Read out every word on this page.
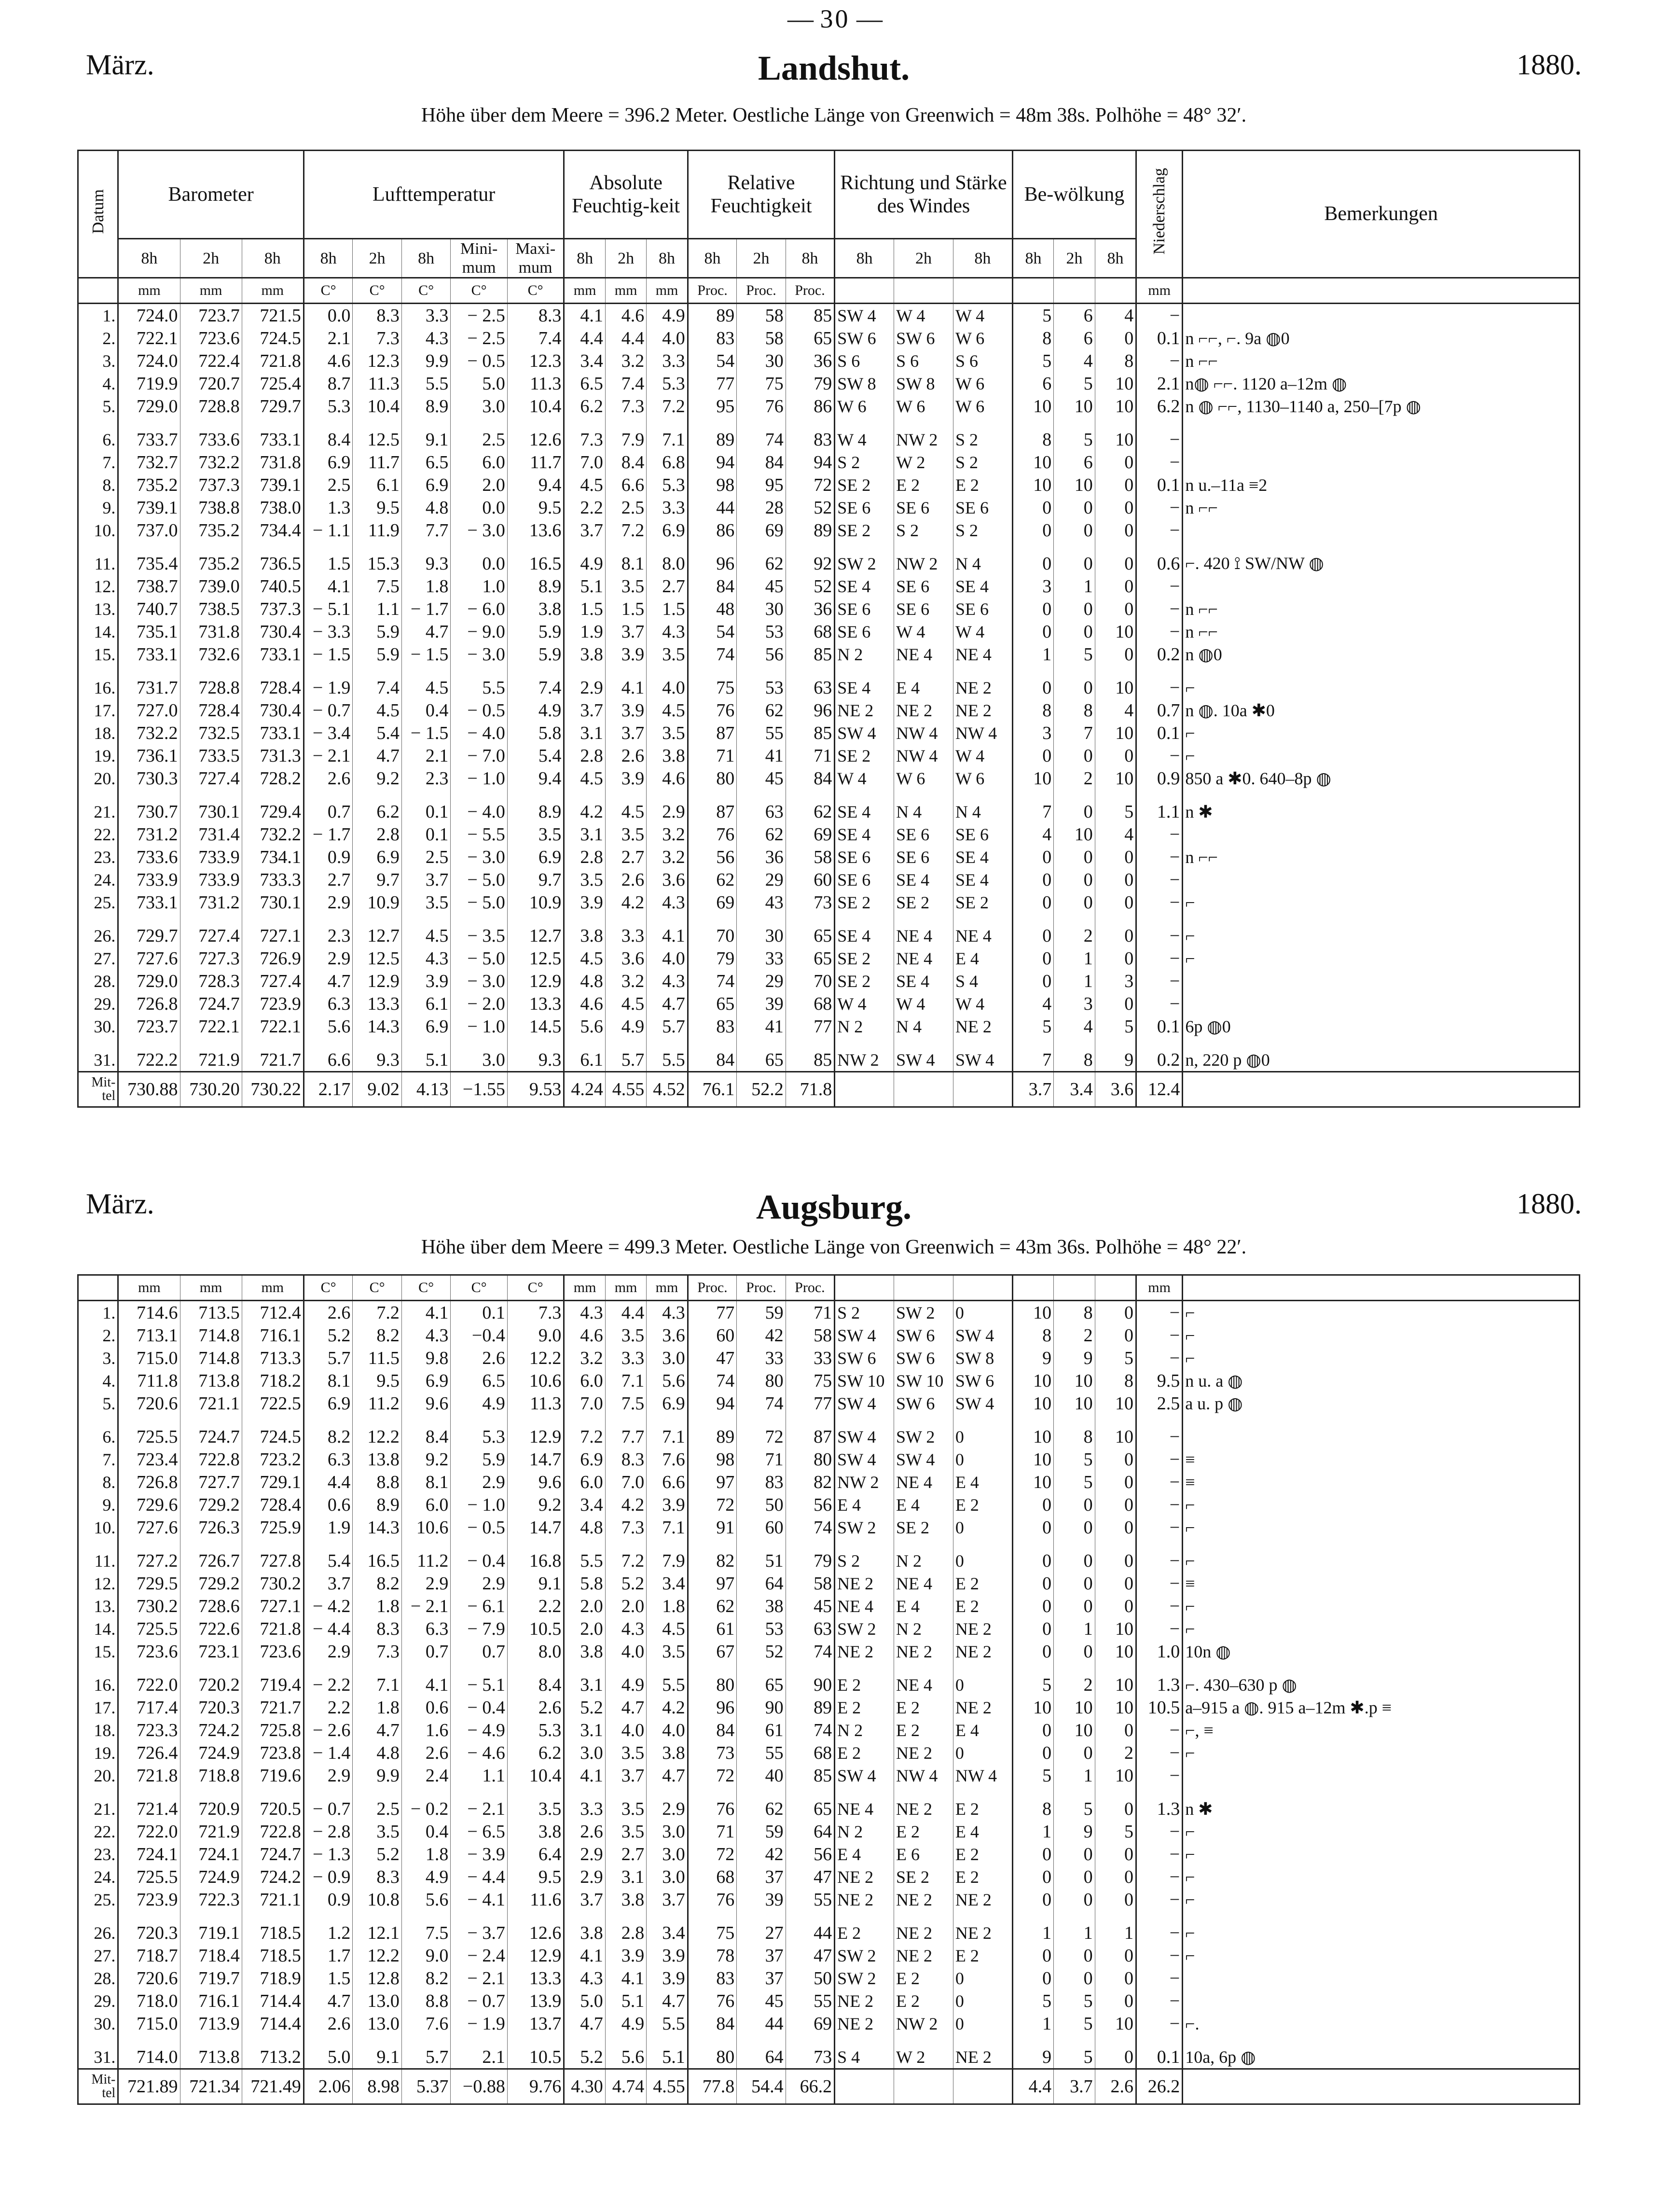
— 30 —
März.	Landshut.	1880.
Höhe über dem Meere = 396.2 Meter. Oestliche Länge von Greenwich = 48m 38s. Polhöhe = 48° 32′.
Datum	Barometer			Lufttemperatur					Absolute Feuchtig-keit			Relative Feuchtigkeit			Richtung und Stärke des Windes			Be-wölkung			Niederschlag	Bemerkungen
	8h	2h	8h	8h	2h	8h	Mini-mum	Maxi-mum	8h	2h	8h	8h	2h	8h	8h	2h	8h	8h	2h	8h		
	mm	mm	mm	C°	C°	C°	C°	C°	mm	mm	mm	Proc.	Proc.	Proc.							mm	
1.	724.0	723.7	721.5	0.0	8.3	3.3	− 2.5	8.3	4.1	4.6	4.9	89	58	85	SW 4	W 4	W 4	5	6	4	−	
2.	722.1	723.6	724.5	2.1	7.3	4.3	− 2.5	7.4	4.4	4.4	4.0	83	58	65	SW 6	SW 6	W 6	8	6	0	0.1	n ⌐⌐, ⌐. 9a ◍0
3.	724.0	722.4	721.8	4.6	12.3	9.9	− 0.5	12.3	3.4	3.2	3.3	54	30	36	S 6	S 6	S 6	5	4	8	−	n ⌐⌐
4.	719.9	720.7	725.4	8.7	11.3	5.5	5.0	11.3	6.5	7.4	5.3	77	75	79	SW 8	SW 8	W 6	6	5	10	2.1	n◍ ⌐⌐. 1120 a–12m ◍
5.	729.0	728.8	729.7	5.3	10.4	8.9	3.0	10.4	6.2	7.3	7.2	95	76	86	W 6	W 6	W 6	10	10	10	6.2	n ◍ ⌐⌐, 1130–1140 a, 250–[7p ◍
6.	733.7	733.6	733.1	8.4	12.5	9.1	2.5	12.6	7.3	7.9	7.1	89	74	83	W 4	NW 2	S 2	8	5	10	−	
7.	732.7	732.2	731.8	6.9	11.7	6.5	6.0	11.7	7.0	8.4	6.8	94	84	94	S 2	W 2	S 2	10	6	0	−	
8.	735.2	737.3	739.1	2.5	6.1	6.9	2.0	9.4	4.5	6.6	5.3	98	95	72	SE 2	E 2	E 2	10	10	0	0.1	n u.–11a ≡2
9.	739.1	738.8	738.0	1.3	9.5	4.8	0.0	9.5	2.2	2.5	3.3	44	28	52	SE 6	SE 6	SE 6	0	0	0	−	n ⌐⌐
10.	737.0	735.2	734.4	− 1.1	11.9	7.7	− 3.0	13.6	3.7	7.2	6.9	86	69	89	SE 2	S 2	S 2	0	0	0	−	
11.	735.4	735.2	736.5	1.5	15.3	9.3	0.0	16.5	4.9	8.1	8.0	96	62	92	SW 2	NW 2	N 4	0	0	0	0.6	⌐. 420 ⟟ SW/NW ◍
12.	738.7	739.0	740.5	4.1	7.5	1.8	1.0	8.9	5.1	3.5	2.7	84	45	52	SE 4	SE 6	SE 4	3	1	0	−	
13.	740.7	738.5	737.3	− 5.1	1.1	− 1.7	− 6.0	3.8	1.5	1.5	1.5	48	30	36	SE 6	SE 6	SE 6	0	0	0	−	n ⌐⌐
14.	735.1	731.8	730.4	− 3.3	5.9	4.7	− 9.0	5.9	1.9	3.7	4.3	54	53	68	SE 6	W 4	W 4	0	0	10	−	n ⌐⌐
15.	733.1	732.6	733.1	− 1.5	5.9	− 1.5	− 3.0	5.9	3.8	3.9	3.5	74	56	85	N 2	NE 4	NE 4	1	5	0	0.2	n ◍0
16.	731.7	728.8	728.4	− 1.9	7.4	4.5	5.5	7.4	2.9	4.1	4.0	75	53	63	SE 4	E 4	NE 2	0	0	10	−	⌐
17.	727.0	728.4	730.4	− 0.7	4.5	0.4	− 0.5	4.9	3.7	3.9	4.5	76	62	96	NE 2	NE 2	NE 2	8	8	4	0.7	n ◍. 10a ✱0
18.	732.2	732.5	733.1	− 3.4	5.4	− 1.5	− 4.0	5.8	3.1	3.7	3.5	87	55	85	SW 4	NW 4	NW 4	3	7	10	0.1	⌐
19.	736.1	733.5	731.3	− 2.1	4.7	2.1	− 7.0	5.4	2.8	2.6	3.8	71	41	71	SE 2	NW 4	W 4	0	0	0	−	⌐
20.	730.3	727.4	728.2	2.6	9.2	2.3	− 1.0	9.4	4.5	3.9	4.6	80	45	84	W 4	W 6	W 6	10	2	10	0.9	850 a ✱0. 640–8p ◍
21.	730.7	730.1	729.4	0.7	6.2	0.1	− 4.0	8.9	4.2	4.5	2.9	87	63	62	SE 4	N 4	N 4	7	0	5	1.1	n ✱
22.	731.2	731.4	732.2	− 1.7	2.8	0.1	− 5.5	3.5	3.1	3.5	3.2	76	62	69	SE 4	SE 6	SE 6	4	10	4	−	
23.	733.6	733.9	734.1	0.9	6.9	2.5	− 3.0	6.9	2.8	2.7	3.2	56	36	58	SE 6	SE 6	SE 4	0	0	0	−	n ⌐⌐
24.	733.9	733.9	733.3	2.7	9.7	3.7	− 5.0	9.7	3.5	2.6	3.6	62	29	60	SE 6	SE 4	SE 4	0	0	0	−	
25.	733.1	731.2	730.1	2.9	10.9	3.5	− 5.0	10.9	3.9	4.2	4.3	69	43	73	SE 2	SE 2	SE 2	0	0	0	−	⌐
26.	729.7	727.4	727.1	2.3	12.7	4.5	− 3.5	12.7	3.8	3.3	4.1	70	30	65	SE 4	NE 4	NE 4	0	2	0	−	⌐
27.	727.6	727.3	726.9	2.9	12.5	4.3	− 5.0	12.5	4.5	3.6	4.0	79	33	65	SE 2	NE 4	E 4	0	1	0	−	⌐
28.	729.0	728.3	727.4	4.7	12.9	3.9	− 3.0	12.9	4.8	3.2	4.3	74	29	70	SE 2	SE 4	S 4	0	1	3	−	
29.	726.8	724.7	723.9	6.3	13.3	6.1	− 2.0	13.3	4.6	4.5	4.7	65	39	68	W 4	W 4	W 4	4	3	0	−	
30.	723.7	722.1	722.1	5.6	14.3	6.9	− 1.0	14.5	5.6	4.9	5.7	83	41	77	N 2	N 4	NE 2	5	4	5	0.1	6p ◍0
31.	722.2	721.9	721.7	6.6	9.3	5.1	3.0	9.3	6.1	5.7	5.5	84	65	85	NW 2	SW 4	SW 4	7	8	9	0.2	n, 220 p ◍0
Mit-tel	730.88	730.20	730.22	2.17	9.02	4.13	−1.55	9.53	4.24	4.55	4.52	76.1	52.2	71.8				3.7	3.4	3.6	12.4	
März.	Augsburg.	1880.
Höhe über dem Meere = 499.3 Meter. Oestliche Länge von Greenwich = 43m 36s. Polhöhe = 48° 22′.
	mm	mm	mm	C°	C°	C°	C°	C°	mm	mm	mm	Proc.	Proc.	Proc.							mm	
1.	714.6	713.5	712.4	2.6	7.2	4.1	0.1	7.3	4.3	4.4	4.3	77	59	71	S 2	SW 2	0	10	8	0	−	⌐
2.	713.1	714.8	716.1	5.2	8.2	4.3	−0.4	9.0	4.6	3.5	3.6	60	42	58	SW 4	SW 6	SW 4	8	2	0	−	⌐
3.	715.0	714.8	713.3	5.7	11.5	9.8	2.6	12.2	3.2	3.3	3.0	47	33	33	SW 6	SW 6	SW 8	9	9	5	−	⌐
4.	711.8	713.8	718.2	8.1	9.5	6.9	6.5	10.6	6.0	7.1	5.6	74	80	75	SW 10	SW 10	SW 6	10	10	8	9.5	n u. a ◍
5.	720.6	721.1	722.5	6.9	11.2	9.6	4.9	11.3	7.0	7.5	6.9	94	74	77	SW 4	SW 6	SW 4	10	10	10	2.5	a u. p ◍
6.	725.5	724.7	724.5	8.2	12.2	8.4	5.3	12.9	7.2	7.7	7.1	89	72	87	SW 4	SW 2	0	10	8	10	−	
7.	723.4	722.8	723.2	6.3	13.8	9.2	5.9	14.7	6.9	8.3	7.6	98	71	80	SW 4	SW 4	0	10	5	0	−	≡
8.	726.8	727.7	729.1	4.4	8.8	8.1	2.9	9.6	6.0	7.0	6.6	97	83	82	NW 2	NE 4	E 4	10	5	0	−	≡
9.	729.6	729.2	728.4	0.6	8.9	6.0	− 1.0	9.2	3.4	4.2	3.9	72	50	56	E 4	E 4	E 2	0	0	0	−	⌐
10.	727.6	726.3	725.9	1.9	14.3	10.6	− 0.5	14.7	4.8	7.3	7.1	91	60	74	SW 2	SE 2	0	0	0	0	−	⌐
11.	727.2	726.7	727.8	5.4	16.5	11.2	− 0.4	16.8	5.5	7.2	7.9	82	51	79	S 2	N 2	0	0	0	0	−	⌐
12.	729.5	729.2	730.2	3.7	8.2	2.9	2.9	9.1	5.8	5.2	3.4	97	64	58	NE 2	NE 4	E 2	0	0	0	−	≡
13.	730.2	728.6	727.1	− 4.2	1.8	− 2.1	− 6.1	2.2	2.0	2.0	1.8	62	38	45	NE 4	E 4	E 2	0	0	0	−	⌐
14.	725.5	722.6	721.8	− 4.4	8.3	6.3	− 7.9	10.5	2.0	4.3	4.5	61	53	63	SW 2	N 2	NE 2	0	1	10	−	⌐
15.	723.6	723.1	723.6	2.9	7.3	0.7	0.7	8.0	3.8	4.0	3.5	67	52	74	NE 2	NE 2	NE 2	0	0	10	1.0	10n ◍
16.	722.0	720.2	719.4	− 2.2	7.1	4.1	− 5.1	8.4	3.1	4.9	5.5	80	65	90	E 2	NE 4	0	5	2	10	1.3	⌐. 430–630 p ◍
17.	717.4	720.3	721.7	2.2	1.8	0.6	− 0.4	2.6	5.2	4.7	4.2	96	90	89	E 2	E 2	NE 2	10	10	10	10.5	a–915 a ◍. 915 a–12m ✱.p ≡
18.	723.3	724.2	725.8	− 2.6	4.7	1.6	− 4.9	5.3	3.1	4.0	4.0	84	61	74	N 2	E 2	E 4	0	10	0	−	⌐, ≡
19.	726.4	724.9	723.8	− 1.4	4.8	2.6	− 4.6	6.2	3.0	3.5	3.8	73	55	68	E 2	NE 2	0	0	0	2	−	⌐
20.	721.8	718.8	719.6	2.9	9.9	2.4	1.1	10.4	4.1	3.7	4.7	72	40	85	SW 4	NW 4	NW 4	5	1	10	−	
21.	721.4	720.9	720.5	− 0.7	2.5	− 0.2	− 2.1	3.5	3.3	3.5	2.9	76	62	65	NE 4	NE 2	E 2	8	5	0	1.3	n ✱
22.	722.0	721.9	722.8	− 2.8	3.5	0.4	− 6.5	3.8	2.6	3.5	3.0	71	59	64	N 2	E 2	E 4	1	9	5	−	⌐
23.	724.1	724.1	724.7	− 1.3	5.2	1.8	− 3.9	6.4	2.9	2.7	3.0	72	42	56	E 4	E 6	E 2	0	0	0	−	⌐
24.	725.5	724.9	724.2	− 0.9	8.3	4.9	− 4.4	9.5	2.9	3.1	3.0	68	37	47	NE 2	SE 2	E 2	0	0	0	−	⌐
25.	723.9	722.3	721.1	0.9	10.8	5.6	− 4.1	11.6	3.7	3.8	3.7	76	39	55	NE 2	NE 2	NE 2	0	0	0	−	⌐
26.	720.3	719.1	718.5	1.2	12.1	7.5	− 3.7	12.6	3.8	2.8	3.4	75	27	44	E 2	NE 2	NE 2	1	1	1	−	⌐
27.	718.7	718.4	718.5	1.7	12.2	9.0	− 2.4	12.9	4.1	3.9	3.9	78	37	47	SW 2	NE 2	E 2	0	0	0	−	⌐
28.	720.6	719.7	718.9	1.5	12.8	8.2	− 2.1	13.3	4.3	4.1	3.9	83	37	50	SW 2	E 2	0	0	0	0	−	
29.	718.0	716.1	714.4	4.7	13.0	8.8	− 0.7	13.9	5.0	5.1	4.7	76	45	55	NE 2	E 2	0	5	5	0	−	
30.	715.0	713.9	714.4	2.6	13.0	7.6	− 1.9	13.7	4.7	4.9	5.5	84	44	69	NE 2	NW 2	0	1	5	10	−	⌐.
31.	714.0	713.8	713.2	5.0	9.1	5.7	2.1	10.5	5.2	5.6	5.1	80	64	73	S 4	W 2	NE 2	9	5	0	0.1	10a, 6p ◍
Mit-tel	721.89	721.34	721.49	2.06	8.98	5.37	−0.88	9.76	4.30	4.74	4.55	77.8	54.4	66.2				4.4	3.7	2.6	26.2	
